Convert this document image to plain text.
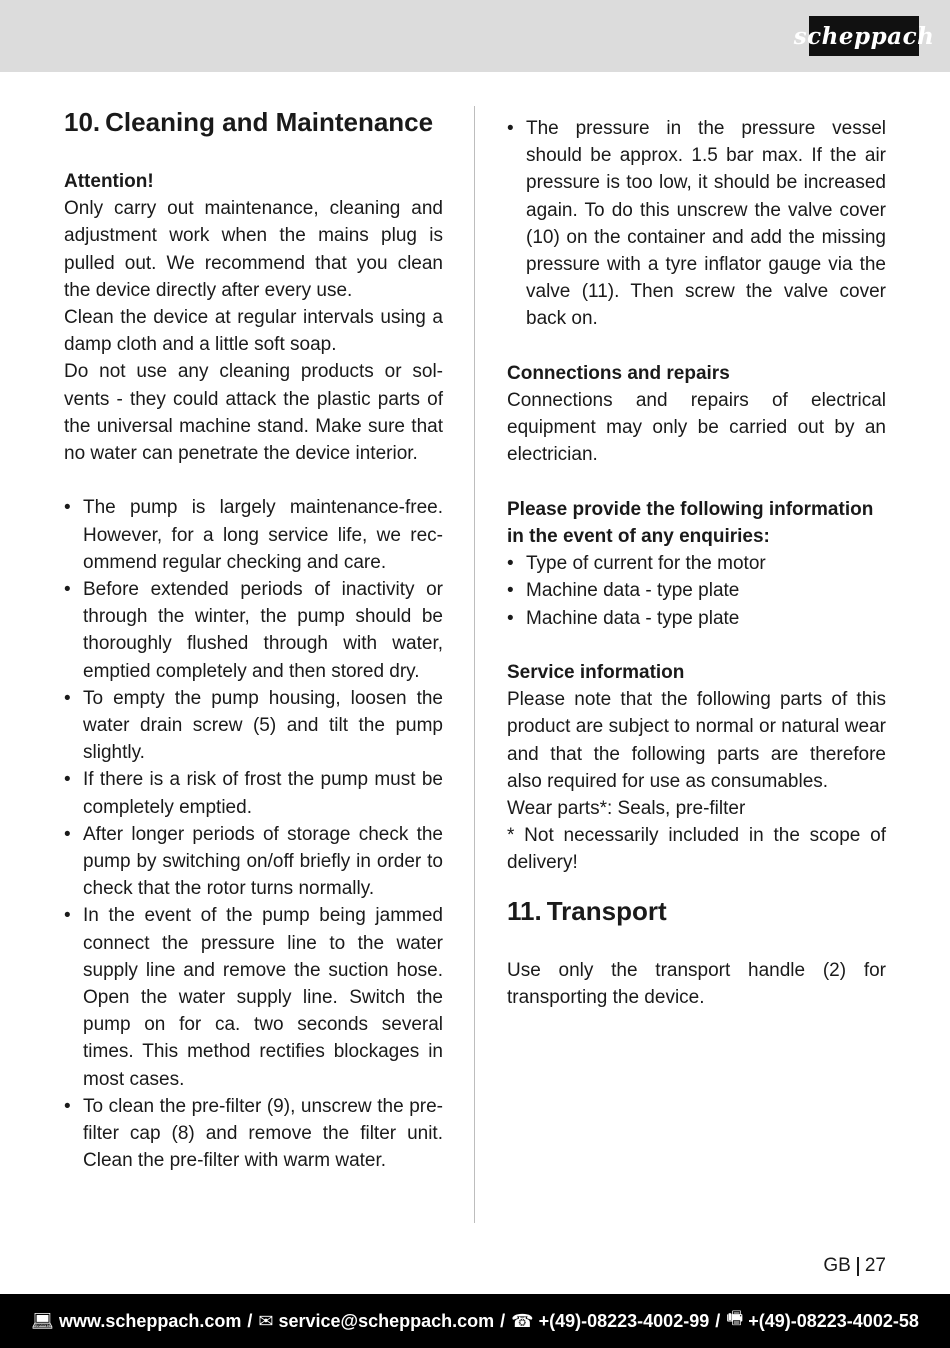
scheppach
10. Cleaning and Maintenance
Attention!

Only carry out maintenance, cleaning and adjustment work when the mains plug is pulled out. We recommend that you clean the device directly after every use.

Clean the device at regular intervals using a damp cloth and a little soft soap.

Do not use any cleaning products or solvents - they could attack the plastic parts of the universal machine stand. Make sure that no water can penetrate the device interior.

• The pump is largely maintenance-free. However, for a long service life, we recommend regular checking and care.
• Before extended periods of inactivity or through the winter, the pump should be thoroughly flushed through with water, emptied completely and then stored dry.
• To empty the pump housing, loosen the water drain screw (5) and tilt the pump slightly.
• If there is a risk of frost the pump must be completely emptied.
• After longer periods of storage check the pump by switching on/off briefly in order to check that the rotor turns normally.
• In the event of the pump being jammed connect the pressure line to the water supply line and remove the suction hose. Open the water supply line. Switch the pump on for ca. two seconds several times. This method rectifies blockages in most cases.
• To clean the pre-filter (9), unscrew the pre-filter cap (8) and remove the filter unit. Clean the pre-filter with warm water.
• The pressure in the pressure vessel should be approx. 1.5 bar max. If the air pressure is too low, it should be increased again. To do this unscrew the valve cover (10) on the container and add the missing pressure with a tyre inflator gauge via the valve (11). Then screw the valve cover back on.
Connections and repairs

Connections and repairs of electrical equipment may only be carried out by an electrician.

Please provide the following information in the event of any enquiries:
• Type of current for the motor
• Machine data - type plate
• Machine data - type plate
Service information

Please note that the following parts of this product are subject to normal or natural wear and that the following parts are therefore also required for use as consumables.

Wear parts*: Seals, pre-filter

* Not necessarily included in the scope of delivery!

11. Transport

Use only the transport handle (2) for transporting the device.

GB 27
💻︎ www.scheppach.com / ✉ service@scheppach.com / ☎ +(49)-08223-4002-99 / 🖷︎ +(49)-08223-4002-58
